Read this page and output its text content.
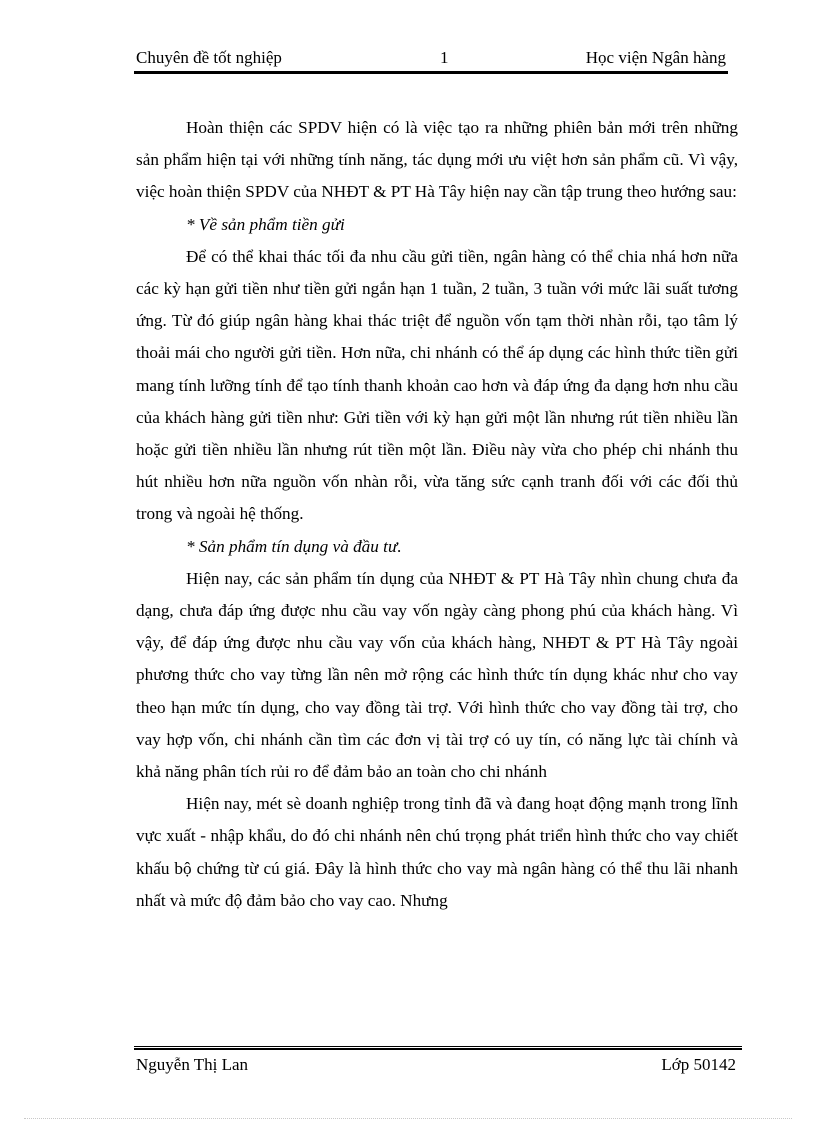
Chuyên đề tốt nghiệp	1	Học viện Ngân hàng

Hoàn thiện các SPDV hiện có là việc tạo ra những phiên bản mới trên những sản phẩm hiện tại với những tính năng, tác dụng mới ưu việt hơn sản phẩm cũ. Vì vậy, việc hoàn thiện SPDV của NHĐT & PT Hà Tây hiện nay cần tập trung theo hướng sau:

* Về sản phẩm tiền gửi

Để có thể khai thác tối đa nhu cầu gửi tiền, ngân hàng có thể chia nhá hơn nữa các kỳ hạn gửi tiền như tiền gửi ngắn hạn 1 tuần, 2 tuần, 3 tuần với mức lãi suất tương ứng. Từ đó giúp ngân hàng khai thác triệt để nguồn vốn tạm thời nhàn rỗi, tạo tâm lý thoải mái cho người gửi tiền. Hơn nữa, chi nhánh có thể áp dụng các hình thức tiền gửi mang tính lưỡng tính để tạo tính thanh khoản cao hơn và đáp ứng đa dạng hơn nhu cầu của khách hàng gửi tiền như: Gửi tiền với kỳ hạn gửi một lần nhưng rút tiền nhiều lần hoặc gửi tiền nhiều lần nhưng rút tiền một lần. Điều này vừa cho phép chi nhánh thu hút nhiều hơn nữa nguồn vốn nhàn rỗi, vừa tăng sức cạnh tranh đối với các đối thủ trong và ngoài hệ thống.

* Sản phẩm tín dụng và đầu tư.

Hiện nay, các sản phẩm tín dụng của NHĐT & PT Hà Tây nhìn chung chưa đa dạng, chưa đáp ứng được nhu cầu vay vốn ngày càng phong phú của khách hàng. Vì vậy, để đáp ứng được nhu cầu vay vốn của khách hàng, NHĐT & PT Hà Tây ngoài phương thức cho vay từng lần nên mở rộng các hình thức tín dụng khác như cho vay theo hạn mức tín dụng, cho vay đồng tài trợ. Với hình thức cho vay đồng tài trợ, cho vay hợp vốn, chi nhánh cần tìm các đơn vị tài trợ có uy tín, có năng lực tài chính và khả năng phân tích rủi ro để đảm bảo an toàn cho chi nhánh

Hiện nay, mét sè doanh nghiệp trong tỉnh đã và đang hoạt động mạnh trong lĩnh vực xuất - nhập khẩu, do đó chi nhánh nên chú trọng phát triển hình thức cho vay chiết khấu bộ chứng từ cú giá. Đây là hình thức cho vay mà ngân hàng có thể thu lãi nhanh nhất và mức độ đảm bảo cho vay cao. Nhưng

Nguyễn Thị Lan	Lớp 50142
